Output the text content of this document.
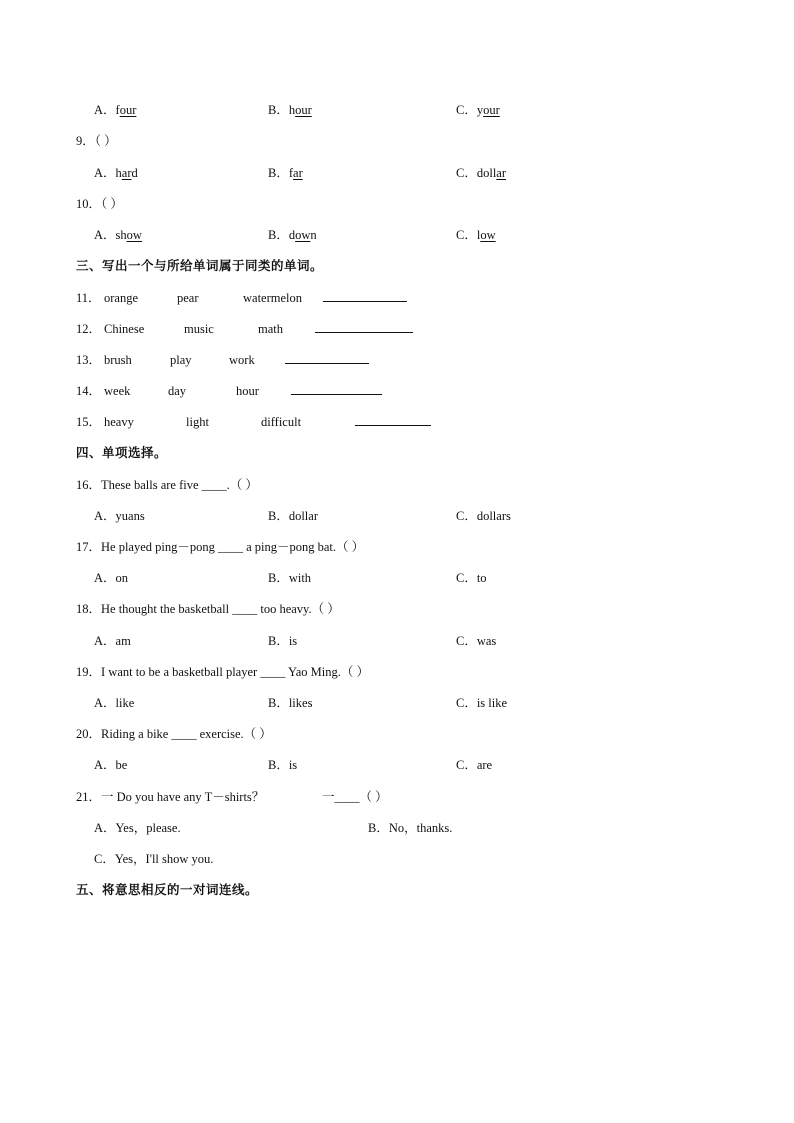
A．four	B．hour	C．your
9．（ ）
A．hard	B．far	C．dollar
10．（ ）
A．show	B．down	C．low
三、写出一个与所给单词属于同类的单词。
11． orange	pear	watermelon
12． Chinese	music	math
13． brush	play	work
14． week	day	hour
15． heavy	light	difficult
四、单项选择。
16．These balls are five ____.（ ）
A．yuans	B．dollar	C．dollars
17．He played ping－pong ____ a ping－pong bat.（ ）
A．on	B．with	C．to
18．He thought the basketball ____ too heavy.（ ）
A．am	B．is	C．was
19．I want to be a basketball player ____ Yao Ming.（ ）
A．like	B．likes	C．is like
20．Riding a bike ____ exercise.（ ）
A．be	B．is	C．are
21．一 Do you have any T－shirts？	一____（ ）
A．Yes，please.	B．No，thanks.
C．Yes，I'll show you.
五、将意思相反的一对词连线。
